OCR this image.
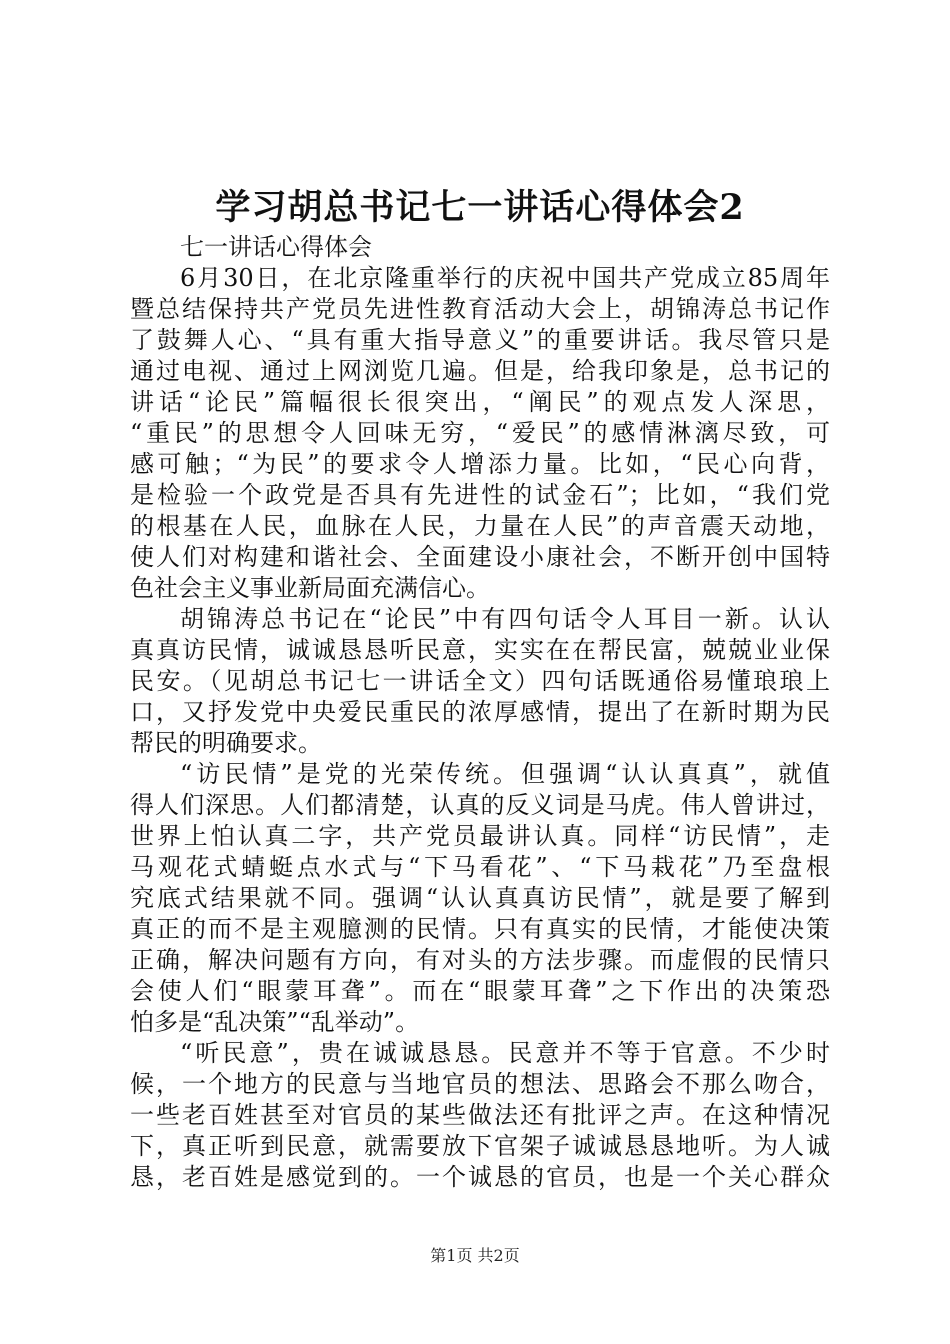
学习胡总书记七一讲话心得体会2
七一讲话心得体会
6月30日，在北京隆重举行的庆祝中国共产党成立85周年
暨总结保持共产党员先进性教育活动大会上，胡锦涛总书记作
了鼓舞人心、“具有重大指导意义”的重要讲话。我尽管只是
通过电视、通过上网浏览几遍。但是，给我印象是，总书记的
讲话“论民”篇幅很长很突出，“阐民”的观点发人深思，
“重民”的思想令人回味无穷，“爱民”的感情淋漓尽致，可
感可触；“为民”的要求令人增添力量。比如，“民心向背，
是检验一个政党是否具有先进性的试金石”；比如，“我们党
的根基在人民，血脉在人民，力量在人民”的声音震天动地，
使人们对构建和谐社会、全面建设小康社会，不断开创中国特
色社会主义事业新局面充满信心。
胡锦涛总书记在“论民”中有四句话令人耳目一新。认认
真真访民情，诚诚恳恳听民意，实实在在帮民富，兢兢业业保
民安。（见胡总书记七一讲话全文）四句话既通俗易懂琅琅上
口，又抒发党中央爱民重民的浓厚感情，提出了在新时期为民
帮民的明确要求。
“访民情”是党的光荣传统。但强调“认认真真”，就值
得人们深思。人们都清楚，认真的反义词是马虎。伟人曾讲过，
世界上怕认真二字，共产党员最讲认真。同样“访民情”，走
马观花式蜻蜓点水式与“下马看花”、“下马栽花”乃至盘根
究底式结果就不同。强调“认认真真访民情”，就是要了解到
真正的而不是主观臆测的民情。只有真实的民情，才能使决策
正确，解决问题有方向，有对头的方法步骤。而虚假的民情只
会使人们“眼蒙耳聋”。而在“眼蒙耳聋”之下作出的决策恐
怕多是“乱决策”“乱举动”。
“听民意”，贵在诚诚恳恳。民意并不等于官意。不少时
候，一个地方的民意与当地官员的想法、思路会不那么吻合，
一些老百姓甚至对官员的某些做法还有批评之声。在这种情况
下，真正听到民意，就需要放下官架子诚诚恳恳地听。为人诚
恳，老百姓是感觉到的。一个诚恳的官员，也是一个关心群众
第1页 共2页
